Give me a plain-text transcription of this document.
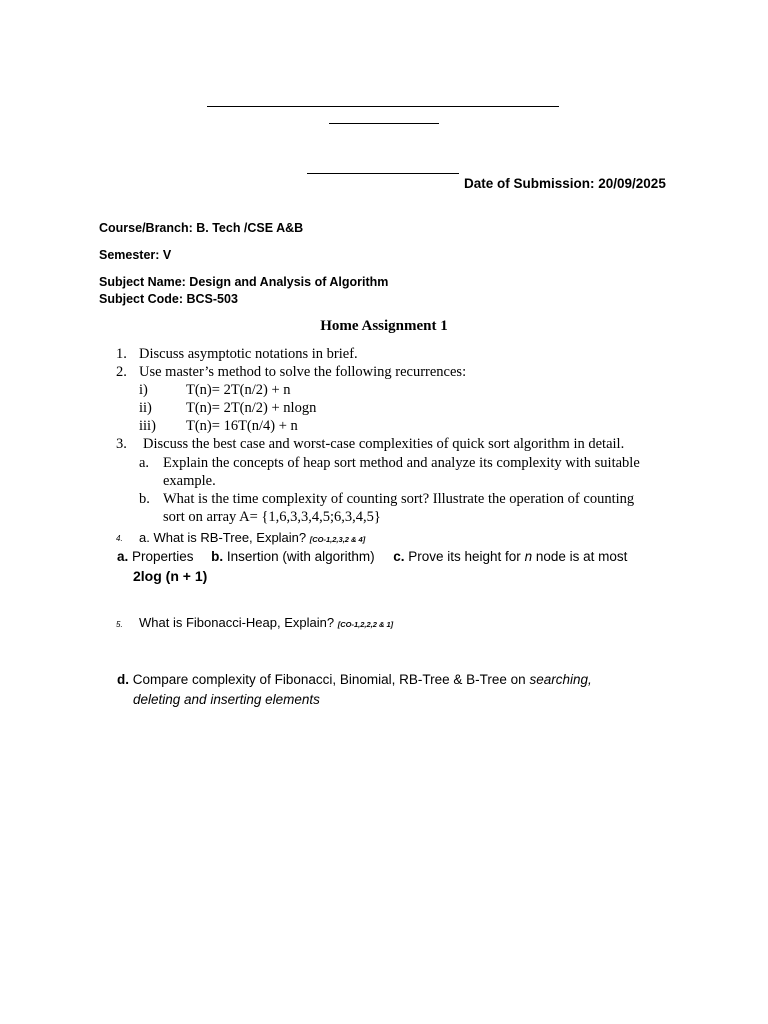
Date of Submission: 20/09/2025
Course/Branch: B. Tech /CSE A&B
Semester: V
Subject Name: Design and Analysis of Algorithm
Subject Code: BCS-503
Home Assignment 1
1. Discuss asymptotic notations in brief.
2. Use master’s method to solve the following recurrences:
i)	T(n)= 2T(n/2) + n
ii) T(n)= 2T(n/2) + nlogn
iii) T(n)= 16T(n/4) + n
3. Discuss the best case and worst-case complexities of quick sort algorithm in detail.
a. Explain the concepts of heap sort method and analyze its complexity with suitable
example.
b. What is the time complexity of counting sort? Illustrate the operation of counting
sort on array A= {1,6,3,3,4,5;6,3,4,5}
4. a. What is RB-Tree, Explain? [CO-1,2,3,2 & 4]
a. Properties b. Insertion (with algorithm) c. Prove its height for n node is at most
2log (n + 1)
5. What is Fibonacci-Heap, Explain? [CO-1,2,2,2 & 1]
d. Compare complexity of Fibonacci, Binomial, RB-Tree & B-Tree on searching,
deleting and inserting elements
